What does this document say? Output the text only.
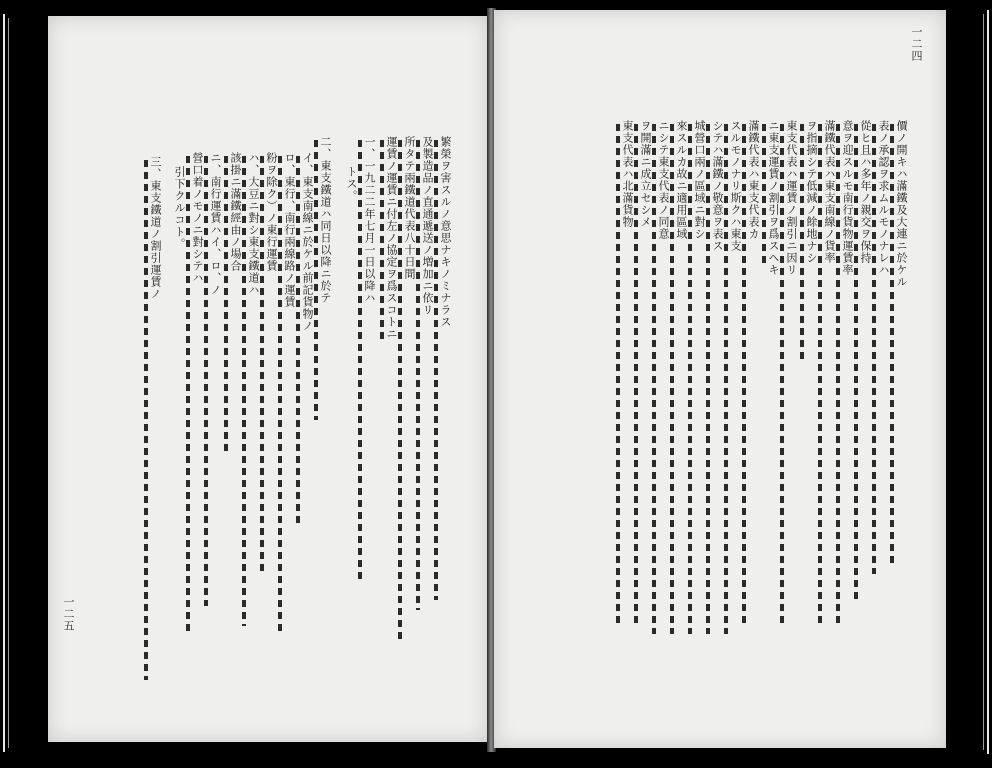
一二五
繁榮ヲ害スルノ意思ナキノミナラス
及製造品ノ直通遞送ノ増加ニ依リ
所タテ兩鐵道代表八十日間
運賃ノ運賃ニ付左ノ協定ヲ爲スコトニ
一、一九二二年七月一日以降ハ
トス。
二、東支鐵道ハ同日以降ニ於テ
イ、東支南線ニ於ケル前記貨物ノ
ロ、東行、南行兩線路ノ運賃
粉ヲ除ク）ノ東行運賃
ハ、大豆ニ對シ東支鐵道ハ
該掛ニ滿鐵經由ノ場合
ニ、南行運賃ハイ、ロ、ノ
營口着ノモノニ對シテハ
引下クルコト。
三、東支鐵道ノ割引運賃ノ
一二四
價ノ開キハ滿鐵及大連ニ於ケル
表ノ承認ヲ求ムルモノナレハ
從ヒ且ハ多年ノ親交ヲ保持
意ヲ迎スルモ南行貨物運賃率
滿鐵代表ハ東支南線ノ貨率
ヲ指摘シテ低減ノ餘地ナシ
東支代表ハ運賃ノ割引ニ因リ
ニ東支運賃ノ割引ヲ爲スヘキ
滿鐵代表ハ東支代表カ
スルモノナリ斯クハ東支
シテハ滿鐵ノ敬意ヲ表ス
城營口兩ノ區域ニ對シ
來スルカ故ニ適用區域
ニシテ東支代表ノ同意
ヲ開滿ニ成立セシメ
東支代表ハ北滿貨物
